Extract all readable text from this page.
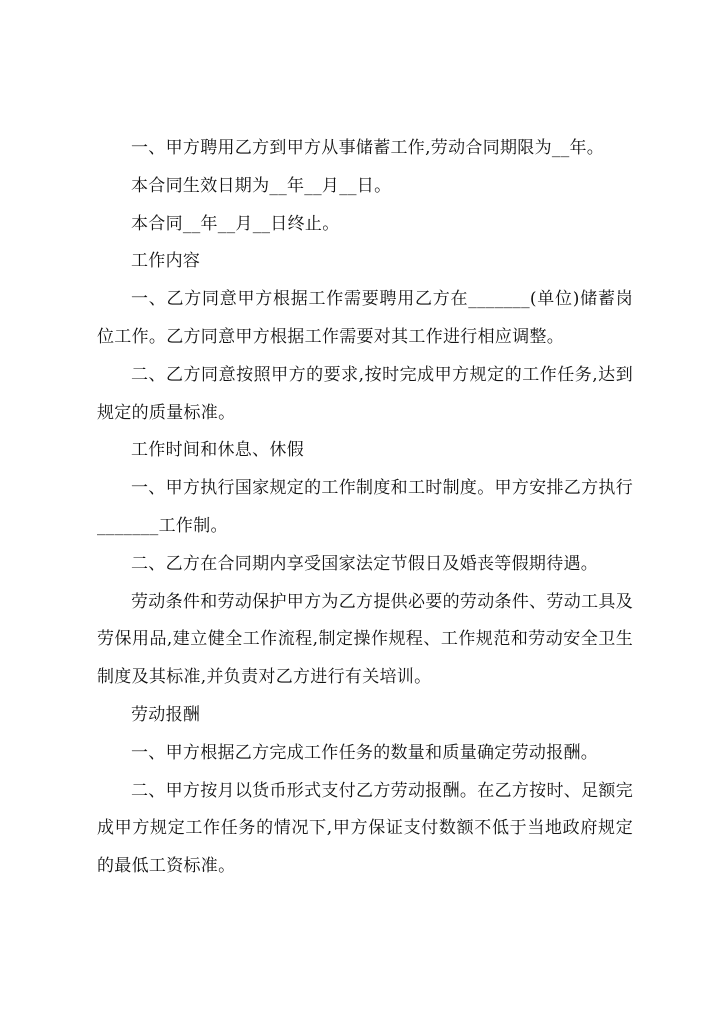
一、甲方聘用乙方到甲方从事储蓄工作,劳动合同期限为__年。

本合同生效日期为__年__月__日。

本合同__年__月__日终止。

工作内容

一、乙方同意甲方根据工作需要聘用乙方在_______(单位)储蓄岗位工作。乙方同意甲方根据工作需要对其工作进行相应调整。

二、乙方同意按照甲方的要求,按时完成甲方规定的工作任务,达到规定的质量标准。

工作时间和休息、休假

一、甲方执行国家规定的工作制度和工时制度。甲方安排乙方执行_______工作制。

二、乙方在合同期内享受国家法定节假日及婚丧等假期待遇。

劳动条件和劳动保护甲方为乙方提供必要的劳动条件、劳动工具及劳保用品,建立健全工作流程,制定操作规程、工作规范和劳动安全卫生制度及其标准,并负责对乙方进行有关培训。

劳动报酬

一、甲方根据乙方完成工作任务的数量和质量确定劳动报酬。

二、甲方按月以货币形式支付乙方劳动报酬。在乙方按时、足额完成甲方规定工作任务的情况下,甲方保证支付数额不低于当地政府规定的最低工资标准。
